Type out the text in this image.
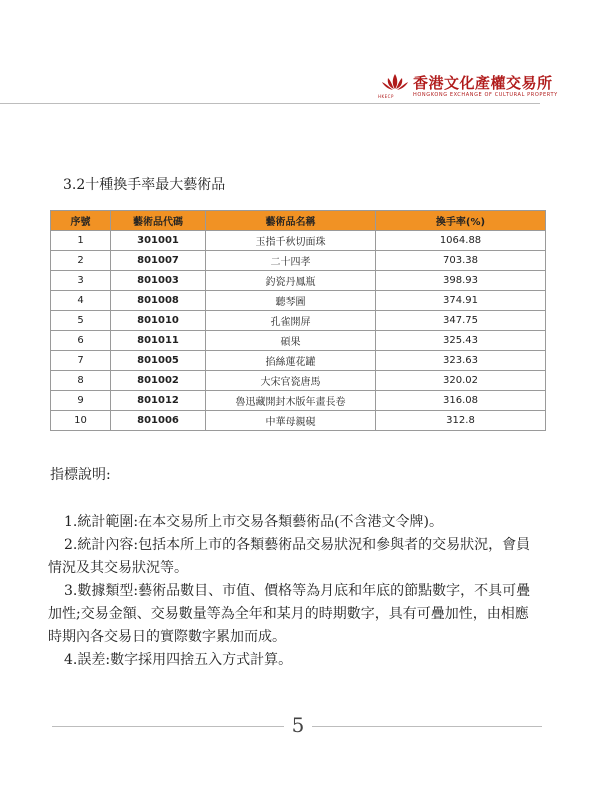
HKECP
香港文化產權交易所
HONGKONG EXCHANGE OF CULTURAL PROPERTY
3.2十種換手率最大藝術品
序號	藝術品代碼	藝術品名稱	換手率(%)
1	301001	玉指千秋切面珠	1064.88
2	801007	二十四孝	703.38
3	801003	釣瓷丹鳳瓶	398.93
4	801008	聽琴圖	374.91
5	801010	孔雀開屏	347.75
6	801011	碩果	325.43
7	801005	掐絲蓮花罐	323.63
8	801002	大宋官瓷唐馬	320.02
9	801012	魯迅藏開封木版年畫長卷	316.08
10	801006	中華母親硯	312.8
指標說明:

1.統計範圍:在本交易所上市交易各類藝術品(不含港文令牌)。

2.統計內容:包括本所上市的各類藝術品交易狀況和參與者的交易狀況，會員情況及其交易狀況等。

3.數據類型:藝術品數目、市值、價格等為月底和年底的節點數字，不具可疊加性;交易金額、交易數量等為全年和某月的時期數字，具有可疊加性，由相應時期內各交易日的實際數字累加而成。

4.誤差:數字採用四捨五入方式計算。

5
